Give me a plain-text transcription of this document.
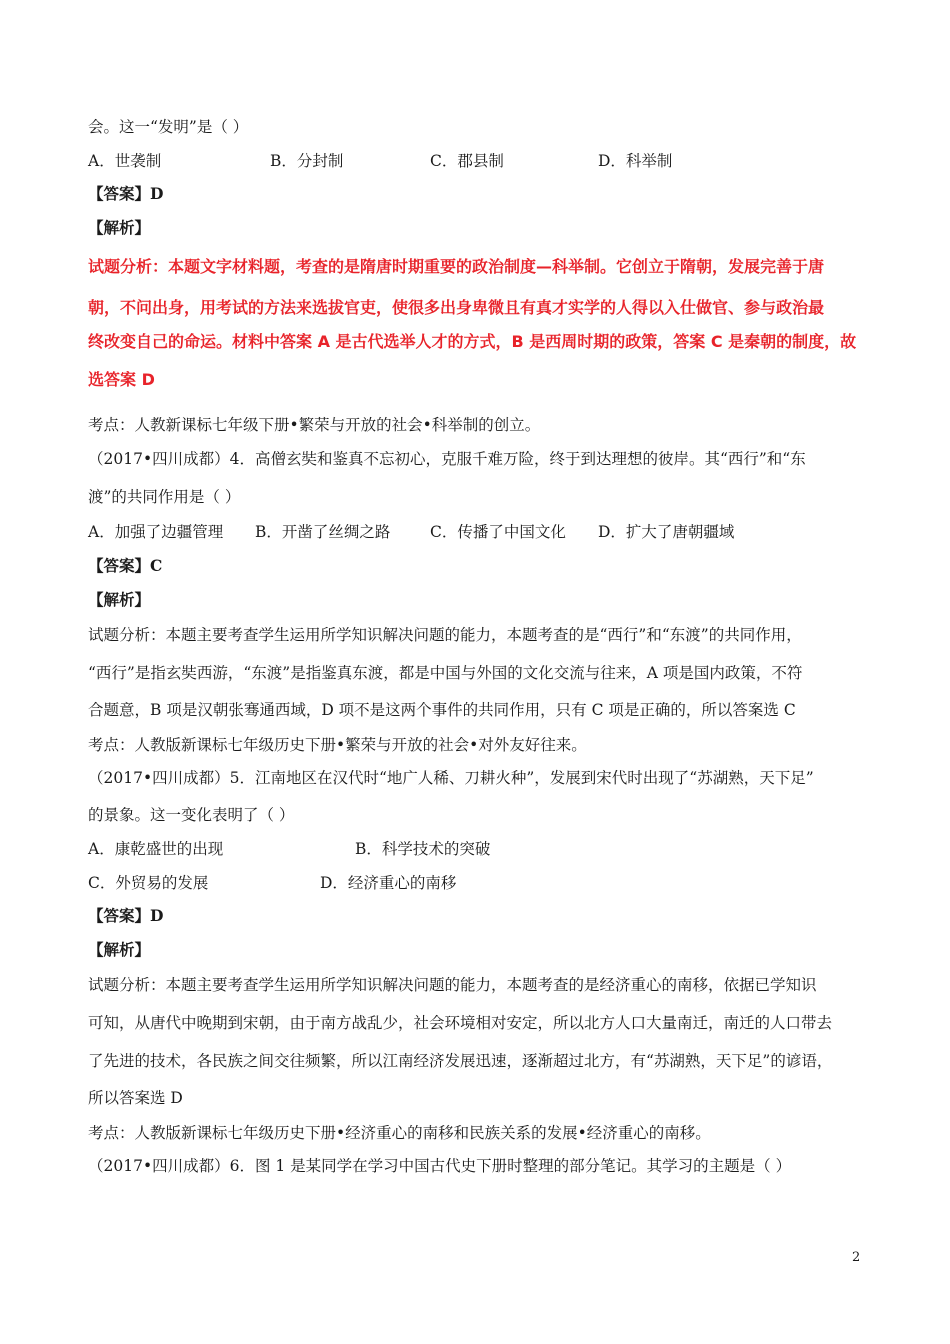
会。这一“发明”是（ ）
A．世袭制	B．分封制	C．郡县制	D．科举制
【答案】D
【解析】
试题分析：本题文字材料题，考查的是隋唐时期重要的政治制度—科举制。它创立于隋朝，发展完善于唐
朝，不问出身，用考试的方法来选拔官吏，使很多出身卑微且有真才实学的人得以入仕做官、参与政治最
终改变自己的命运。材料中答案 A 是古代选举人才的方式，B 是西周时期的政策，答案 C 是秦朝的制度，故
选答案 D
考点：人教新课标七年级下册•繁荣与开放的社会•科举制的创立。
（2017•四川成都）4．高僧玄奘和鉴真不忘初心，克服千难万险，终于到达理想的彼岸。其“西行”和“东
渡”的共同作用是（ ）
A．加强了边疆管理 B．开凿了丝绸之路	C．传播了中国文化 D．扩大了唐朝疆域
【答案】C
【解析】
试题分析：本题主要考查学生运用所学知识解决问题的能力，本题考查的是“西行”和“东渡”的共同作用，
“西行”是指玄奘西游，“东渡”是指鉴真东渡，都是中国与外国的文化交流与往来，A 项是国内政策，不符
合题意，B 项是汉朝张骞通西域，D 项不是这两个事件的共同作用，只有 C 项是正确的，所以答案选 C
考点：人教版新课标七年级历史下册•繁荣与开放的社会•对外友好往来。
（2017•四川成都）5．江南地区在汉代时“地广人稀、刀耕火种”，发展到宋代时出现了“苏湖熟，天下足”
的景象。这一变化表明了（ ）
A．康乾盛世的出现	B．科学技术的突破
C．外贸易的发展	D．经济重心的南移
【答案】D
【解析】
试题分析：本题主要考查学生运用所学知识解决问题的能力，本题考查的是经济重心的南移，依据已学知识
可知，从唐代中晚期到宋朝，由于南方战乱少，社会环境相对安定，所以北方人口大量南迁，南迁的人口带去
了先进的技术，各民族之间交往频繁，所以江南经济发展迅速，逐渐超过北方，有“苏湖熟，天下足”的谚语，
所以答案选 D
考点：人教版新课标七年级历史下册•经济重心的南移和民族关系的发展•经济重心的南移。
（2017•四川成都）6．图 1 是某同学在学习中国古代史下册时整理的部分笔记。其学习的主题是（ ）
2
